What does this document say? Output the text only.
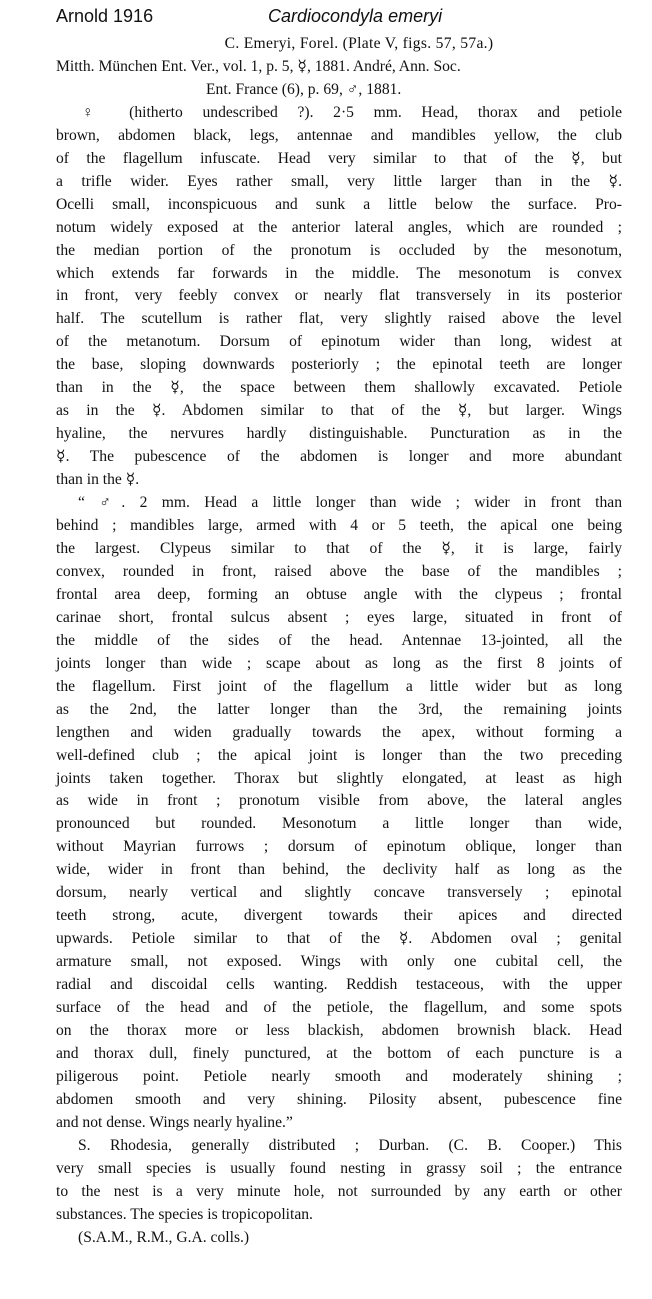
Arnold 1916	Cardiocondyla emeryi
C. Emeryi, Forel. (Plate V, figs. 57, 57a.)
Mitth. München Ent. Ver., vol. 1, p. 5, ☿, 1881. André, Ann. Soc.
Ent. France (6), p. 69, ♂, 1881.
♀ (hitherto undescribed ?). 2·5 mm. Head, thorax and petiole
brown, abdomen black, legs, antennae and mandibles yellow, the club
of the flagellum infuscate. Head very similar to that of the ☿, but
a trifle wider. Eyes rather small, very little larger than in the ☿.
Ocelli small, inconspicuous and sunk a little below the surface. Pro-
notum widely exposed at the anterior lateral angles, which are rounded ;
the median portion of the pronotum is occluded by the mesonotum,
which extends far forwards in the middle. The mesonotum is convex
in front, very feebly convex or nearly flat transversely in its posterior
half. The scutellum is rather flat, very slightly raised above the level
of the metanotum. Dorsum of epinotum wider than long, widest at
the base, sloping downwards posteriorly ; the epinotal teeth are longer
than in the ☿, the space between them shallowly excavated. Petiole
as in the ☿. Abdomen similar to that of the ☿, but larger. Wings
hyaline, the nervures hardly distinguishable. Puncturation as in the
☿. The pubescence of the abdomen is longer and more abundant
than in the ☿.
“ ♂. 2 mm. Head a little longer than wide ; wider in front than
behind ; mandibles large, armed with 4 or 5 teeth, the apical one being
the largest. Clypeus similar to that of the ☿, it is large, fairly
convex, rounded in front, raised above the base of the mandibles ;
frontal area deep, forming an obtuse angle with the clypeus ; frontal
carinae short, frontal sulcus absent ; eyes large, situated in front of
the middle of the sides of the head. Antennae 13-jointed, all the
joints longer than wide ; scape about as long as the first 8 joints of
the flagellum. First joint of the flagellum a little wider but as long
as the 2nd, the latter longer than the 3rd, the remaining joints
lengthen and widen gradually towards the apex, without forming a
well-defined club ; the apical joint is longer than the two preceding
joints taken together. Thorax but slightly elongated, at least as high
as wide in front ; pronotum visible from above, the lateral angles
pronounced but rounded. Mesonotum a little longer than wide,
without Mayrian furrows ; dorsum of epinotum oblique, longer than
wide, wider in front than behind, the declivity half as long as the
dorsum, nearly vertical and slightly concave transversely ; epinotal
teeth strong, acute, divergent towards their apices and directed
upwards. Petiole similar to that of the ☿. Abdomen oval ; genital
armature small, not exposed. Wings with only one cubital cell, the
radial and discoidal cells wanting. Reddish testaceous, with the upper
surface of the head and of the petiole, the flagellum, and some spots
on the thorax more or less blackish, abdomen brownish black. Head
and thorax dull, finely punctured, at the bottom of each puncture is a
piligerous point. Petiole nearly smooth and moderately shining ;
abdomen smooth and very shining. Pilosity absent, pubescence fine
and not dense. Wings nearly hyaline.”
S. Rhodesia, generally distributed ; Durban. (C. B. Cooper.) This
very small species is usually found nesting in grassy soil ; the entrance
to the nest is a very minute hole, not surrounded by any earth or other
substances. The species is tropicopolitan.
(S.A.M., R.M., G.A. colls.)
